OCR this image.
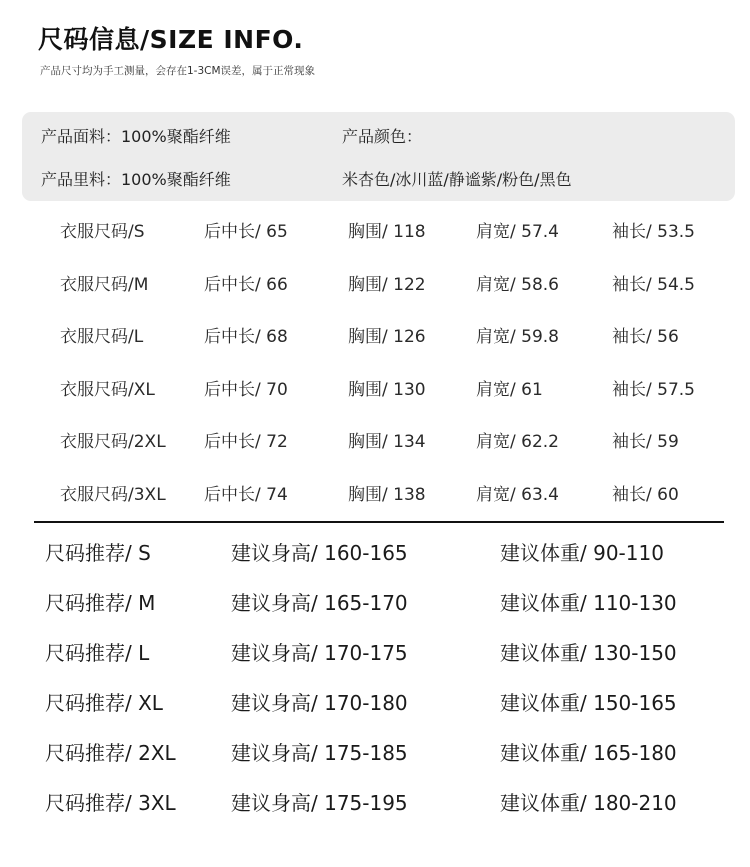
尺码信息/SIZE INFO.
产品尺寸均为手工测量，会存在1-3CM误差，属于正常现象
产品面料：100%聚酯纤维	产品颜色：
产品里料：100%聚酯纤维	米杏色/冰川蓝/静谧紫/粉色/黑色
衣服尺码/S	后中长/ 65	胸围/ 118	肩宽/ 57.4	袖长/ 53.5
衣服尺码/M	后中长/ 66	胸围/ 122	肩宽/ 58.6	袖长/ 54.5
衣服尺码/L	后中长/ 68	胸围/ 126	肩宽/ 59.8	袖长/ 56
衣服尺码/XL	后中长/ 70	胸围/ 130	肩宽/ 61	袖长/ 57.5
衣服尺码/2XL 后中长/ 72	胸围/ 134	肩宽/ 62.2	袖长/ 59
衣服尺码/3XL 后中长/ 74	胸围/ 138	肩宽/ 63.4	袖长/ 60
尺码推荐/ S	建议身高/ 160-165	建议体重/ 90-110
尺码推荐/ M	建议身高/ 165-170	建议体重/ 110-130
尺码推荐/ L	建议身高/ 170-175	建议体重/ 130-150
尺码推荐/ XL	建议身高/ 170-180	建议体重/ 150-165
尺码推荐/ 2XL	建议身高/ 175-185	建议体重/ 165-180
尺码推荐/ 3XL	建议身高/ 175-195	建议体重/ 180-210
